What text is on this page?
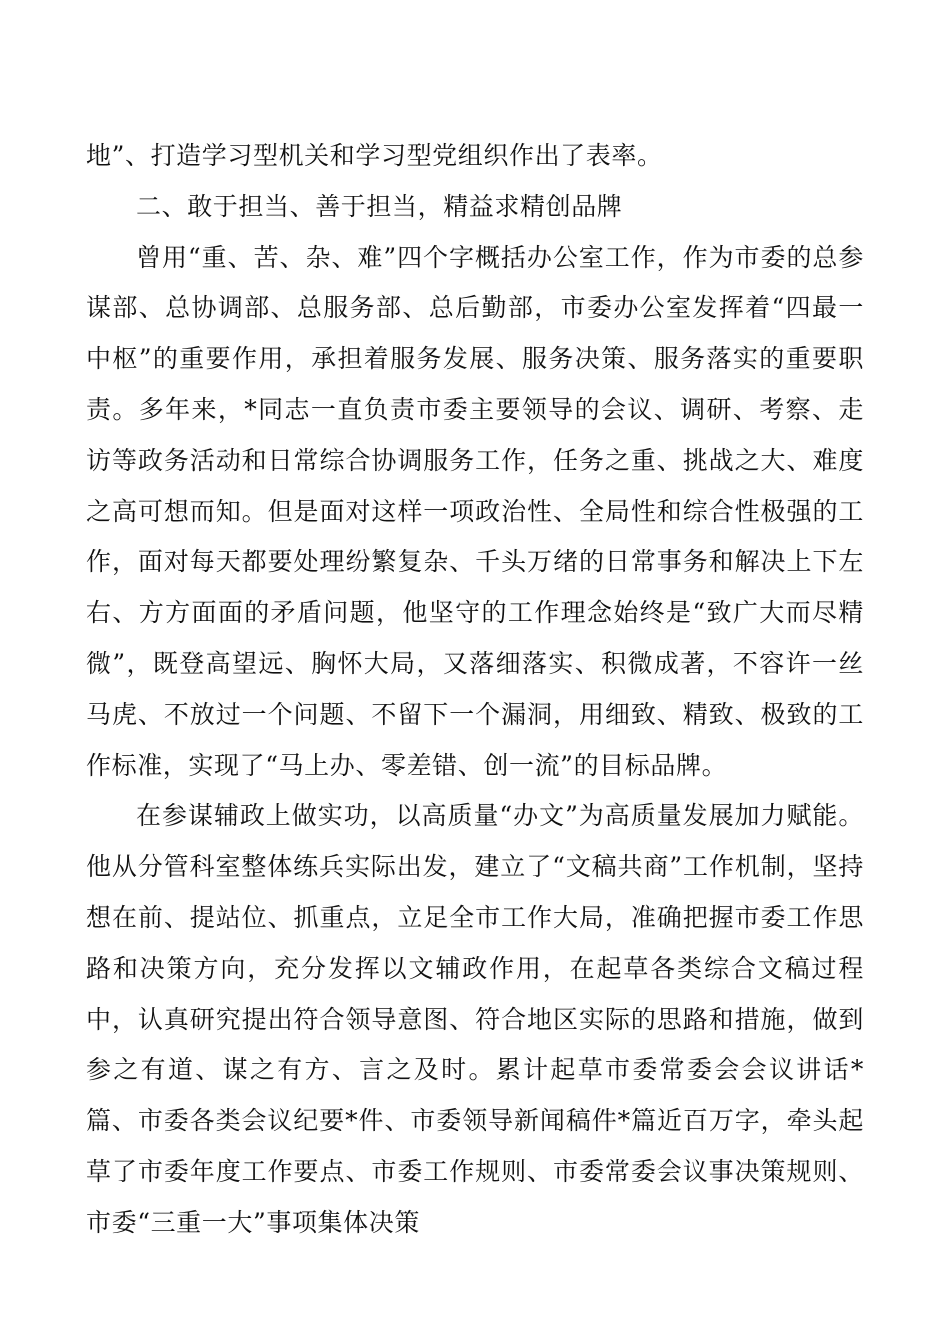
地”、打造学习型机关和学习型党组织作出了表率。

二、敢于担当、善于担当，精益求精创品牌

曾用“重、苦、杂、难”四个字概括办公室工作，作为市委的总参谋部、总协调部、总服务部、总后勤部，市委办公室发挥着“四最一中枢”的重要作用，承担着服务发展、服务决策、服务落实的重要职责。多年来，*同志一直负责市委主要领导的会议、调研、考察、走访等政务活动和日常综合协调服务工作，任务之重、挑战之大、难度之高可想而知。但是面对这样一项政治性、全局性和综合性极强的工作，面对每天都要处理纷繁复杂、千头万绪的日常事务和解决上下左右、方方面面的矛盾问题，他坚守的工作理念始终是“致广大而尽精微”，既登高望远、胸怀大局，又落细落实、积微成著，不容许一丝马虎、不放过一个问题、不留下一个漏洞，用细致、精致、极致的工作标准，实现了“马上办、零差错、创一流”的目标品牌。

在参谋辅政上做实功，以高质量“办文”为高质量发展加力赋能。他从分管科室整体练兵实际出发，建立了“文稿共商”工作机制，坚持想在前、提站位、抓重点，立足全市工作大局，准确把握市委工作思路和决策方向，充分发挥以文辅政作用，在起草各类综合文稿过程中，认真研究提出符合领导意图、符合地区实际的思路和措施，做到参之有道、谋之有方、言之及时。累计起草市委常委会会议讲话*篇、市委各类会议纪要*件、市委领导新闻稿件*篇近百万字，牵头起草了市委年度工作要点、市委工作规则、市委常委会议事决策规则、市委“三重一大”事项集体决策
